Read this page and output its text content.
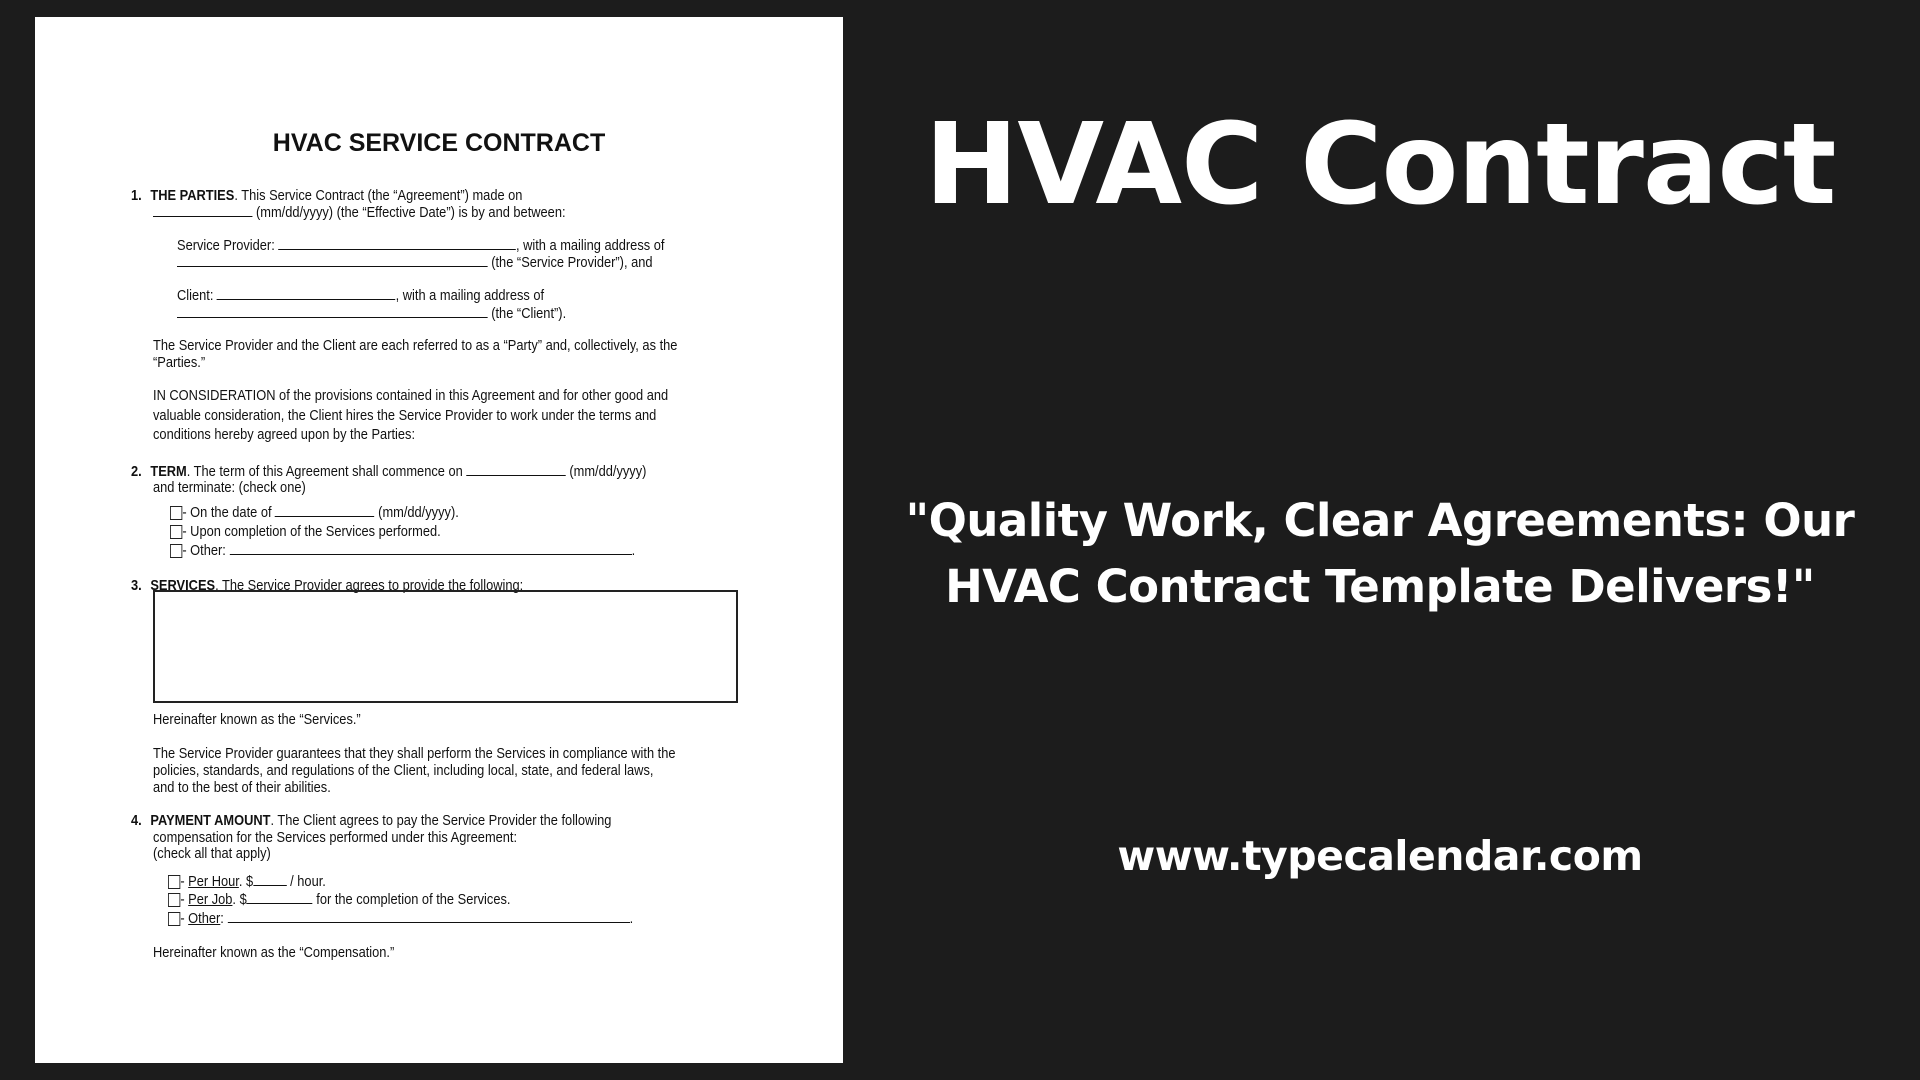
HVAC SERVICE CONTRACT
1. THE PARTIES. This Service Contract (the “Agreement”) made on
(mm/dd/yyyy) (the “Effective Date”) is by and between:
Service Provider:	, with a mailing address of
(the “Service Provider”), and
Client:	, with a mailing address of
(the “Client”).
The Service Provider and the Client are each referred to as a “Party” and, collectively, as the
“Parties.”
IN CONSIDERATION of the provisions contained in this Agreement and for other good and
valuable consideration, the Client hires the Service Provider to work under the terms and
conditions hereby agreed upon by the Parties:
2. TERM. The term of this Agreement shall commence on	(mm/dd/yyyy)
and terminate: (check one)
- On the date of	(mm/dd/yyyy).
- Upon completion of the Services performed.
- Other:	.
3. SERVICES. The Service Provider agrees to provide the following:
Hereinafter known as the “Services.”
The Service Provider guarantees that they shall perform the Services in compliance with the
policies, standards, and regulations of the Client, including local, state, and federal laws,
and to the best of their abilities.
4. PAYMENT AMOUNT. The Client agrees to pay the Service Provider the following
compensation for the Services performed under this Agreement:
(check all that apply)
- Per Hour. $ / hour.
- Per Job. $	for the completion of the Services.
- Other:	.
Hereinafter known as the “Compensation.”
HVAC Contract
"Quality Work, Clear Agreements: Our
HVAC Contract Template Delivers!"
www.typecalendar.com
